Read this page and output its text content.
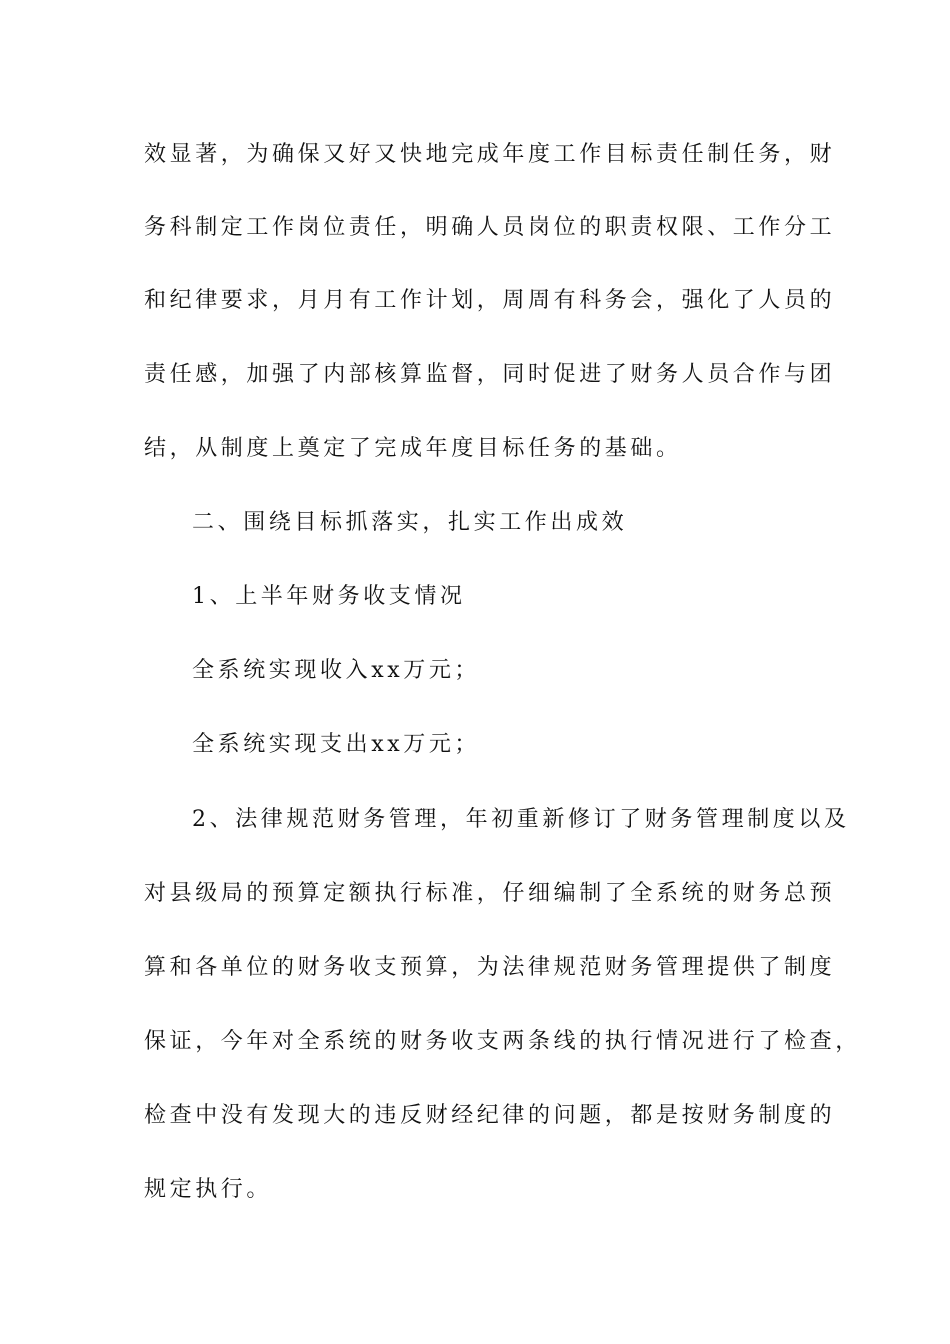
效显著，为确保又好又快地完成年度工作目标责任制任务，财
务科制定工作岗位责任，明确人员岗位的职责权限、工作分工
和纪律要求，月月有工作计划，周周有科务会，强化了人员的
责任感，加强了内部核算监督，同时促进了财务人员合作与团
结，从制度上奠定了完成年度目标任务的基础。
二、围绕目标抓落实，扎实工作出成效
1、上半年财务收支情况
全系统实现收入xx万元；
全系统实现支出xx万元；
2、法律规范财务管理，年初重新修订了财务管理制度以及
对县级局的预算定额执行标准，仔细编制了全系统的财务总预
算和各单位的财务收支预算，为法律规范财务管理提供了制度
保证，今年对全系统的财务收支两条线的执行情况进行了检查，
检查中没有发现大的违反财经纪律的问题，都是按财务制度的
规定执行。
